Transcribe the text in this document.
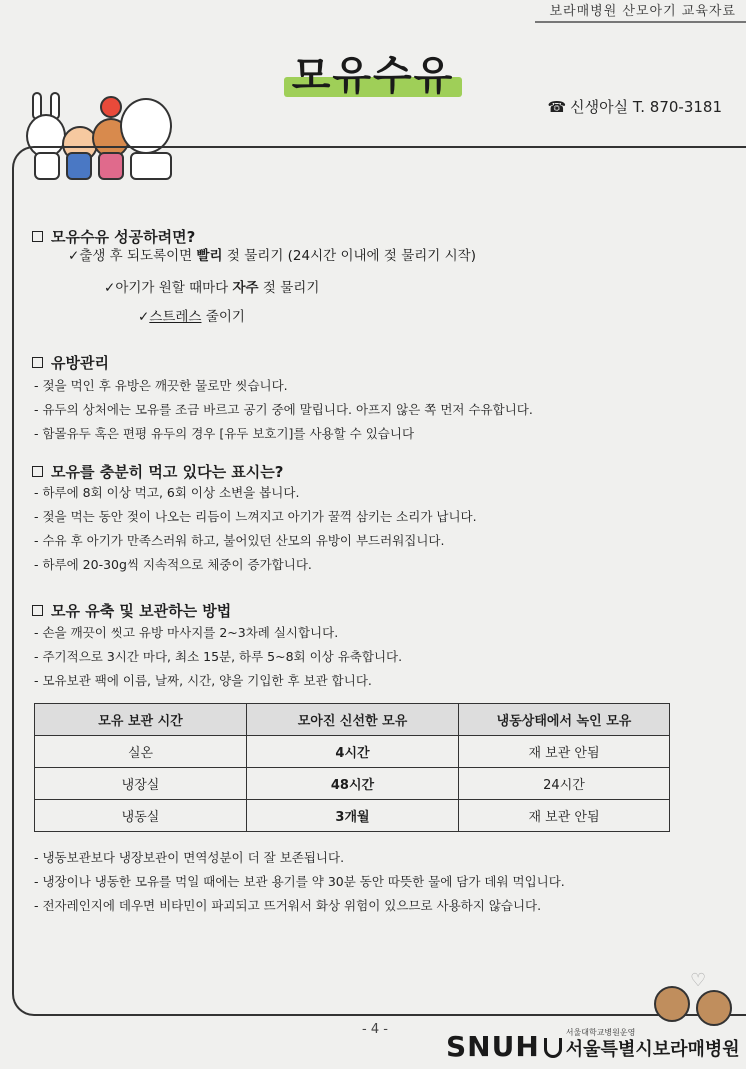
보라매병원 산모아기 교육자료
모유수유
☎ 신생아실 T. 870-3181
모유수유 성공하려면?
✓출생 후 되도록이면 빨리 젖 물리기 (24시간 이내에 젖 물리기 시작)
✓아기가 원할 때마다 자주 젖 물리기
✓스트레스 줄이기
유방관리
- 젖을 먹인 후 유방은 깨끗한 물로만 씻습니다.
- 유두의 상처에는 모유를 조금 바르고 공기 중에 말립니다. 아프지 않은 쪽 먼저 수유합니다.
- 함몰유두 혹은 편평 유두의 경우 [유두 보호기]를 사용할 수 있습니다
모유를 충분히 먹고 있다는 표시는?
- 하루에 8회 이상 먹고, 6회 이상 소변을 봅니다.
- 젖을 먹는 동안 젖이 나오는 리듬이 느껴지고 아기가 꿀꺽 삼키는 소리가 납니다.
- 수유 후 아기가 만족스러워 하고, 불어있던 산모의 유방이 부드러워집니다.
- 하루에 20-30g씩 지속적으로 체중이 증가합니다.
모유 유축 및 보관하는 방법
- 손을 깨끗이 씻고 유방 마사지를 2~3차례 실시합니다.
- 주기적으로 3시간 마다, 최소 15분, 하루 5~8회 이상 유축합니다.
- 모유보관 팩에 이름, 날짜, 시간, 양을 기입한 후 보관 합니다.
모유 보관 시간	모아진 신선한 모유	냉동상태에서 녹인 모유
실온	4시간	재 보관 안됨
냉장실	48시간	24시간
냉동실	3개월	재 보관 안됨
- 냉동보관보다 냉장보관이 면역성분이 더 잘 보존됩니다.
- 냉장이나 냉동한 모유를 먹일 때에는 보관 용기를 약 30분 동안 따뜻한 물에 담가 데워 먹입니다.
- 전자레인지에 데우면 비타민이 파괴되고 뜨거워서 화상 위험이 있으므로 사용하지 않습니다.
♡
- 4 -
SNUH	서울대학교병원운영
서울특별시보라매병원
